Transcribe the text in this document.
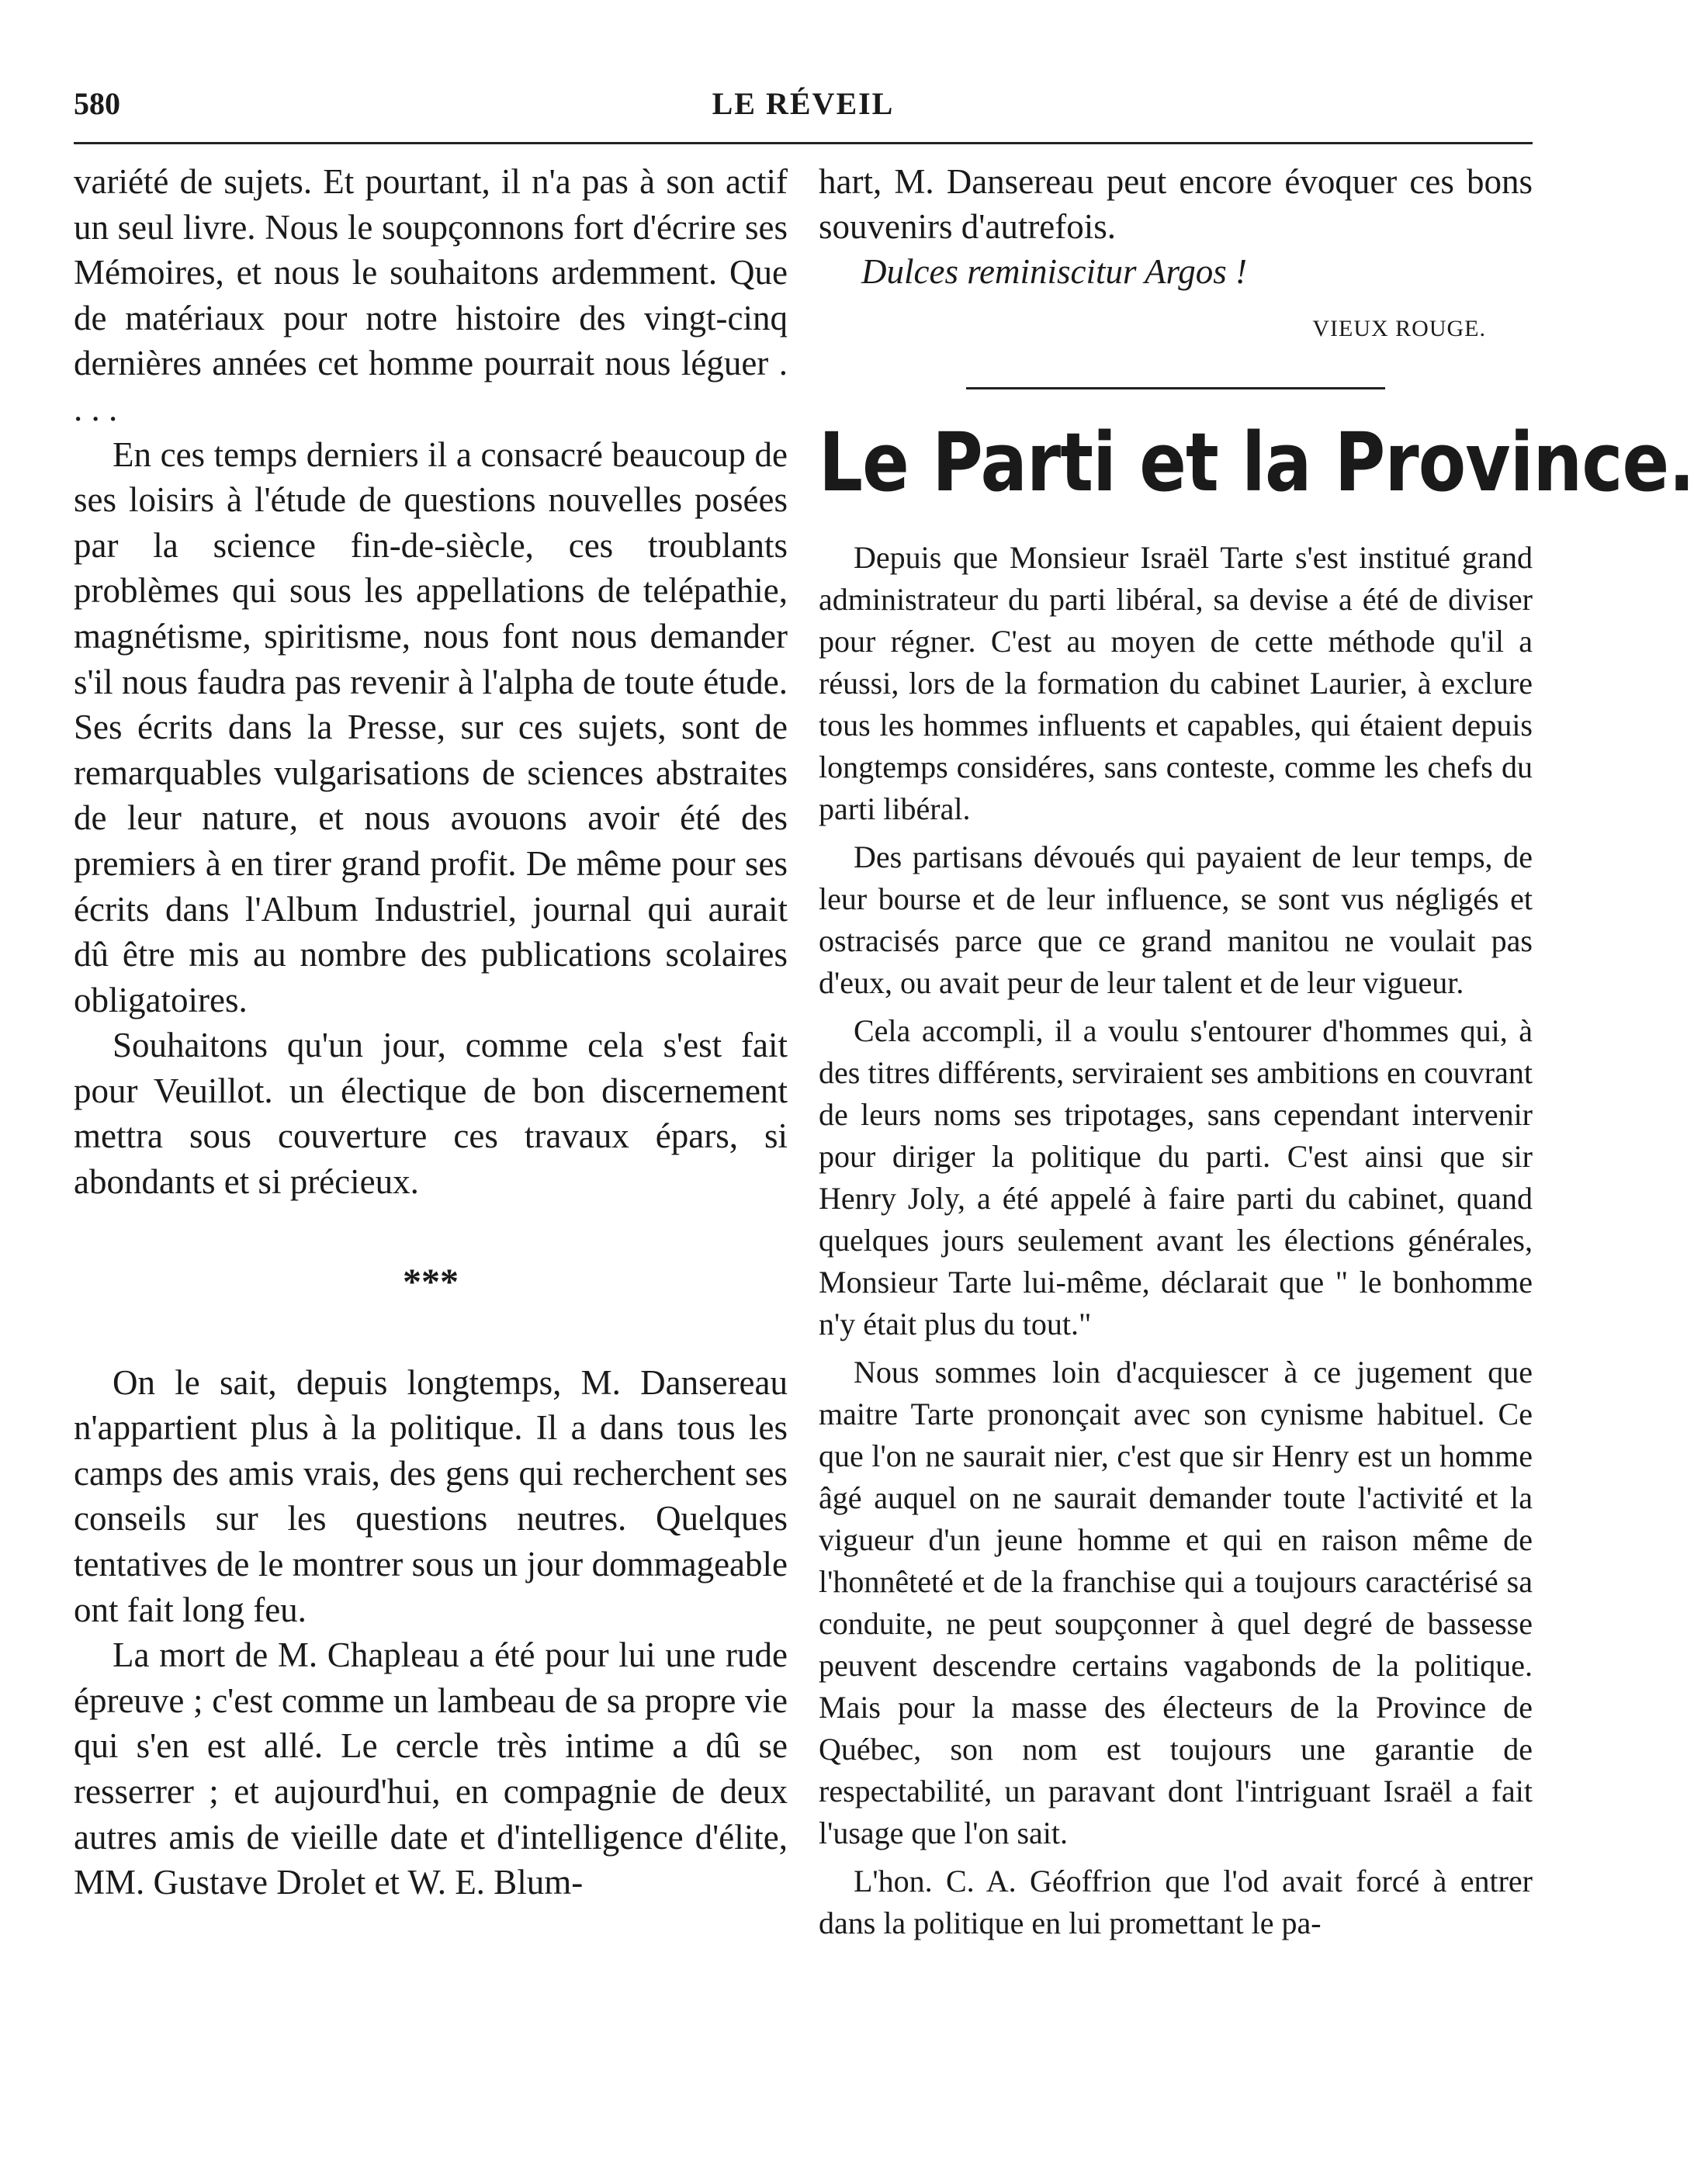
580	LE RÉVEIL

variété de sujets. Et pourtant, il n'a pas à son actif un seul livre. Nous le soupçonnons fort d'écrire ses Mémoires, et nous le souhaitons ardemment. Que de matériaux pour notre histoire des vingt-cinq dernières années cet homme pourrait nous léguer . . . .

En ces temps derniers il a consacré beaucoup de ses loisirs à l'étude de questions nouvelles posées par la science fin-de-siècle, ces troublants problèmes qui sous les appellations de telépathie, magnétisme, spiritisme, nous font nous demander s'il nous faudra pas revenir à l'alpha de toute étude. Ses écrits dans la Presse, sur ces sujets, sont de remarquables vulgarisations de sciences abstraites de leur nature, et nous avouons avoir été des premiers à en tirer grand profit. De même pour ses écrits dans l'Album Industriel, journal qui aurait dû être mis au nombre des publications scolaires obligatoires.

Souhaitons qu'un jour, comme cela s'est fait pour Veuillot. un électique de bon discernement mettra sous couverture ces travaux épars, si abondants et si précieux.

***

On le sait, depuis longtemps, M. Dansereau n'appartient plus à la politique. Il a dans tous les camps des amis vrais, des gens qui recherchent ses conseils sur les questions neutres. Quelques tentatives de le montrer sous un jour dommageable ont fait long feu.

La mort de M. Chapleau a été pour lui une rude épreuve ; c'est comme un lambeau de sa propre vie qui s'en est allé. Le cercle très intime a dû se resserrer ; et aujourd'hui, en compagnie de deux autres amis de vieille date et d'intelligence d'élite, MM. Gustave Drolet et W. E. Blum-

hart, M. Dansereau peut encore évoquer ces bons souvenirs d'autrefois.

Dulces reminiscitur Argos !
VIEUX ROUGE.
Le Parti et la Province.

Depuis que Monsieur Israël Tarte s'est institué grand administrateur du parti libéral, sa devise a été de diviser pour régner. C'est au moyen de cette méthode qu'il a réussi, lors de la formation du cabinet Laurier, à exclure tous les hommes influents et capables, qui étaient depuis longtemps considéres, sans conteste, comme les chefs du parti libéral.

Des partisans dévoués qui payaient de leur temps, de leur bourse et de leur influence, se sont vus négligés et ostracisés parce que ce grand manitou ne voulait pas d'eux, ou avait peur de leur talent et de leur vigueur.

Cela accompli, il a voulu s'entourer d'hommes qui, à des titres différents, serviraient ses ambitions en couvrant de leurs noms ses tripotages, sans cependant intervenir pour diriger la politique du parti. C'est ainsi que sir Henry Joly, a été appelé à faire parti du cabinet, quand quelques jours seulement avant les élections générales, Monsieur Tarte lui-même, déclarait que " le bonhomme n'y était plus du tout."

Nous sommes loin d'acquiescer à ce jugement que maitre Tarte prononçait avec son cynisme habituel. Ce que l'on ne saurait nier, c'est que sir Henry est un homme âgé auquel on ne saurait demander toute l'activité et la vigueur d'un jeune homme et qui en raison même de l'honnêteté et de la franchise qui a toujours caractérisé sa conduite, ne peut soupçonner à quel degré de bassesse peuvent descendre certains vagabonds de la politique. Mais pour la masse des électeurs de la Province de Québec, son nom est toujours une garantie de respectabilité, un paravant dont l'intriguant Israël a fait l'usage que l'on sait.

L'hon. C. A. Géoffrion que l'od avait forcé à entrer dans la politique en lui promettant le pa-
